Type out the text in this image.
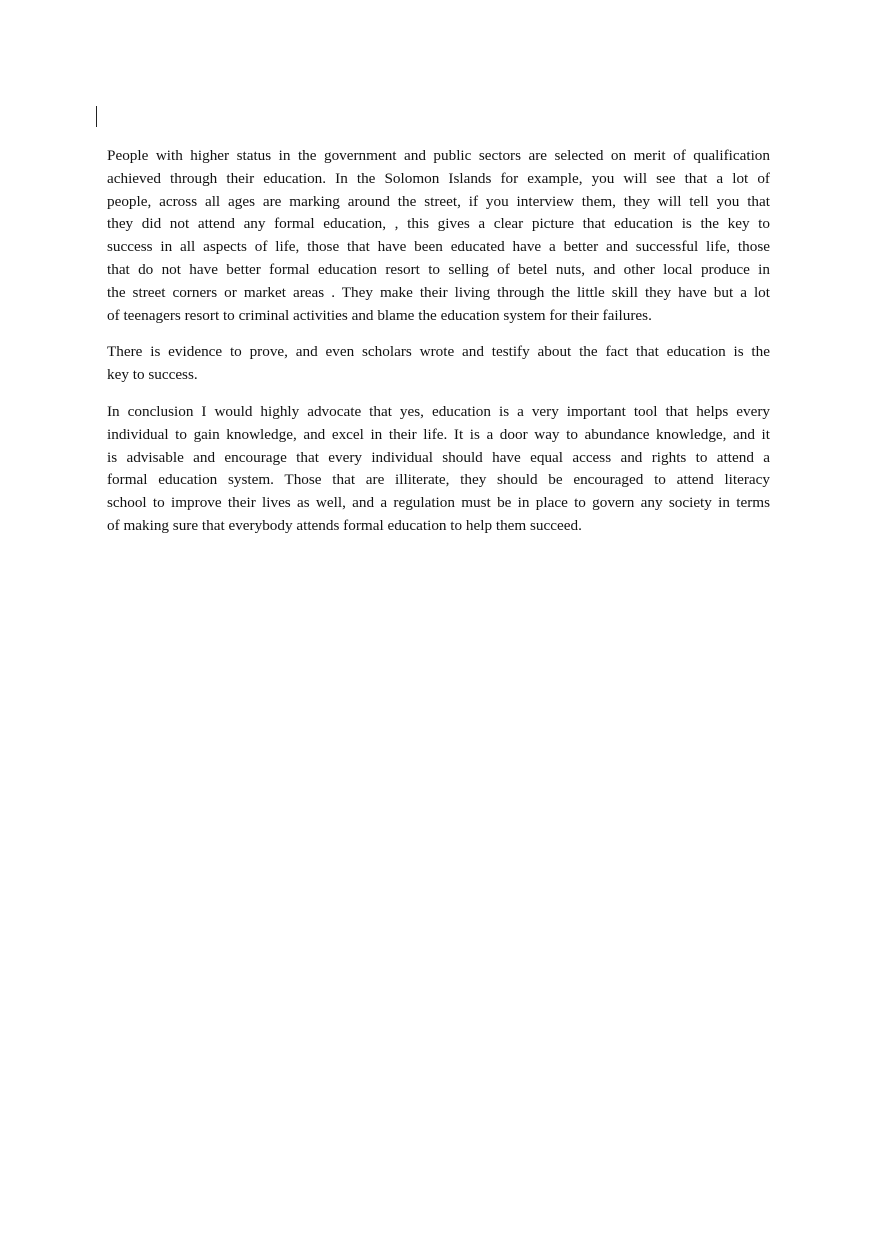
People with higher status in the government and public sectors are selected on merit of qualification
achieved through their education. In the Solomon Islands for example, you will see that a lot of
people, across all ages are marking around the street, if you interview them, they will tell you that
they did not attend any formal education, , this gives a clear picture that education is the key to
success in all aspects of life, those that have been educated have a better and successful life, those
that do not have better formal education resort to selling of betel nuts, and other local produce in
the street corners or market areas . They make their living through the little skill they have but a lot
of teenagers resort to criminal activities and blame the education system for their failures.

There is evidence to prove, and even scholars wrote and testify about the fact that education is the
key to success.

In conclusion I would highly advocate that yes, education is a very important tool that helps every
individual to gain knowledge, and excel in their life. It is a door way to abundance knowledge, and it
is advisable and encourage that every individual should have equal access and rights to attend a
formal education system. Those that are illiterate, they should be encouraged to attend literacy
school to improve their lives as well, and a regulation must be in place to govern any society in terms
of making sure that everybody attends formal education to help them succeed.
